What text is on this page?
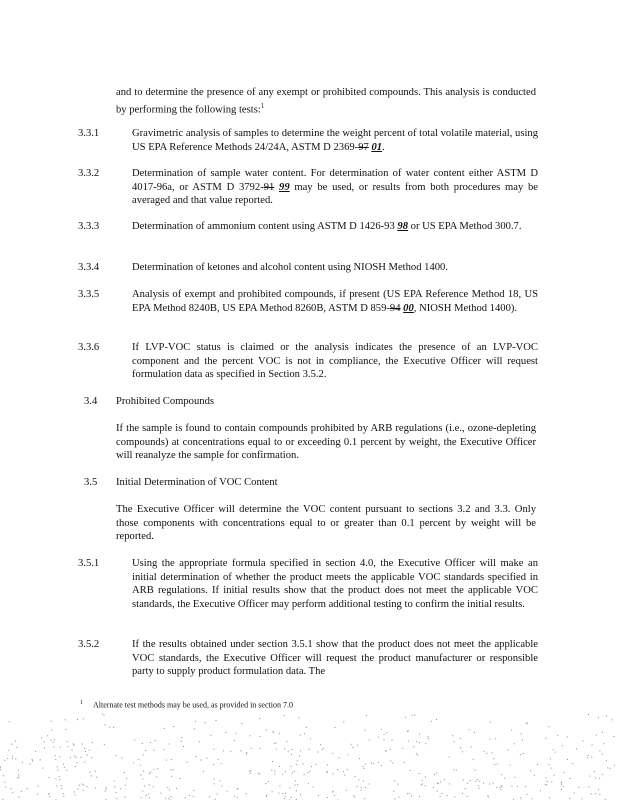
and to determine the presence of any exempt or prohibited compounds. This analysis is conducted by performing the following tests:$^1$
3.3.1	Gravimetric analysis of samples to determine the weight percent of total volatile material, using US EPA Reference Methods 24/24A, ASTM D 2369-97 01.
3.3.2	Determination of sample water content. For determination of water content either ASTM D 4017-96a, or ASTM D 3792-91 99 may be used, or results from both procedures may be averaged and that value reported.
3.3.3	Determination of ammonium content using ASTM D 1426-93 98 or US EPA Method 300.7.
3.3.4	Determination of ketones and alcohol content using NIOSH Method 1400.
3.3.5	Analysis of exempt and prohibited compounds, if present (US EPA Reference Method 18, US EPA Method 8240B, US EPA Method 8260B, ASTM D 859-94 00, NIOSH Method 1400).
3.3.6	If LVP-VOC status is claimed or the analysis indicates the presence of an LVP-VOC component and the percent VOC is not in compliance, the Executive Officer will request formulation data as specified in Section 3.5.2.
3.4	Prohibited Compounds
If the sample is found to contain compounds prohibited by ARB regulations (i.e., ozone-depleting compounds) at concentrations equal to or exceeding 0.1 percent by weight, the Executive Officer will reanalyze the sample for confirmation.
3.5	Initial Determination of VOC Content
The Executive Officer will determine the VOC content pursuant to sections 3.2 and 3.3. Only those components with concentrations equal to or greater than 0.1 percent by weight will be reported.
3.5.1	Using the appropriate formula specified in section 4.0, the Executive Officer will make an initial determination of whether the product meets the applicable VOC standards specified in ARB regulations. If initial results show that the product does not meet the applicable VOC standards, the Executive Officer may perform additional testing to confirm the initial results.
3.5.2	If the results obtained under section 3.5.1 show that the product does not meet the applicable VOC standards, the Executive Officer will request the product manufacturer or responsible party to supply product formulation data. The
$^1$ Alternate test methods may be used, as provided in section 7.0
